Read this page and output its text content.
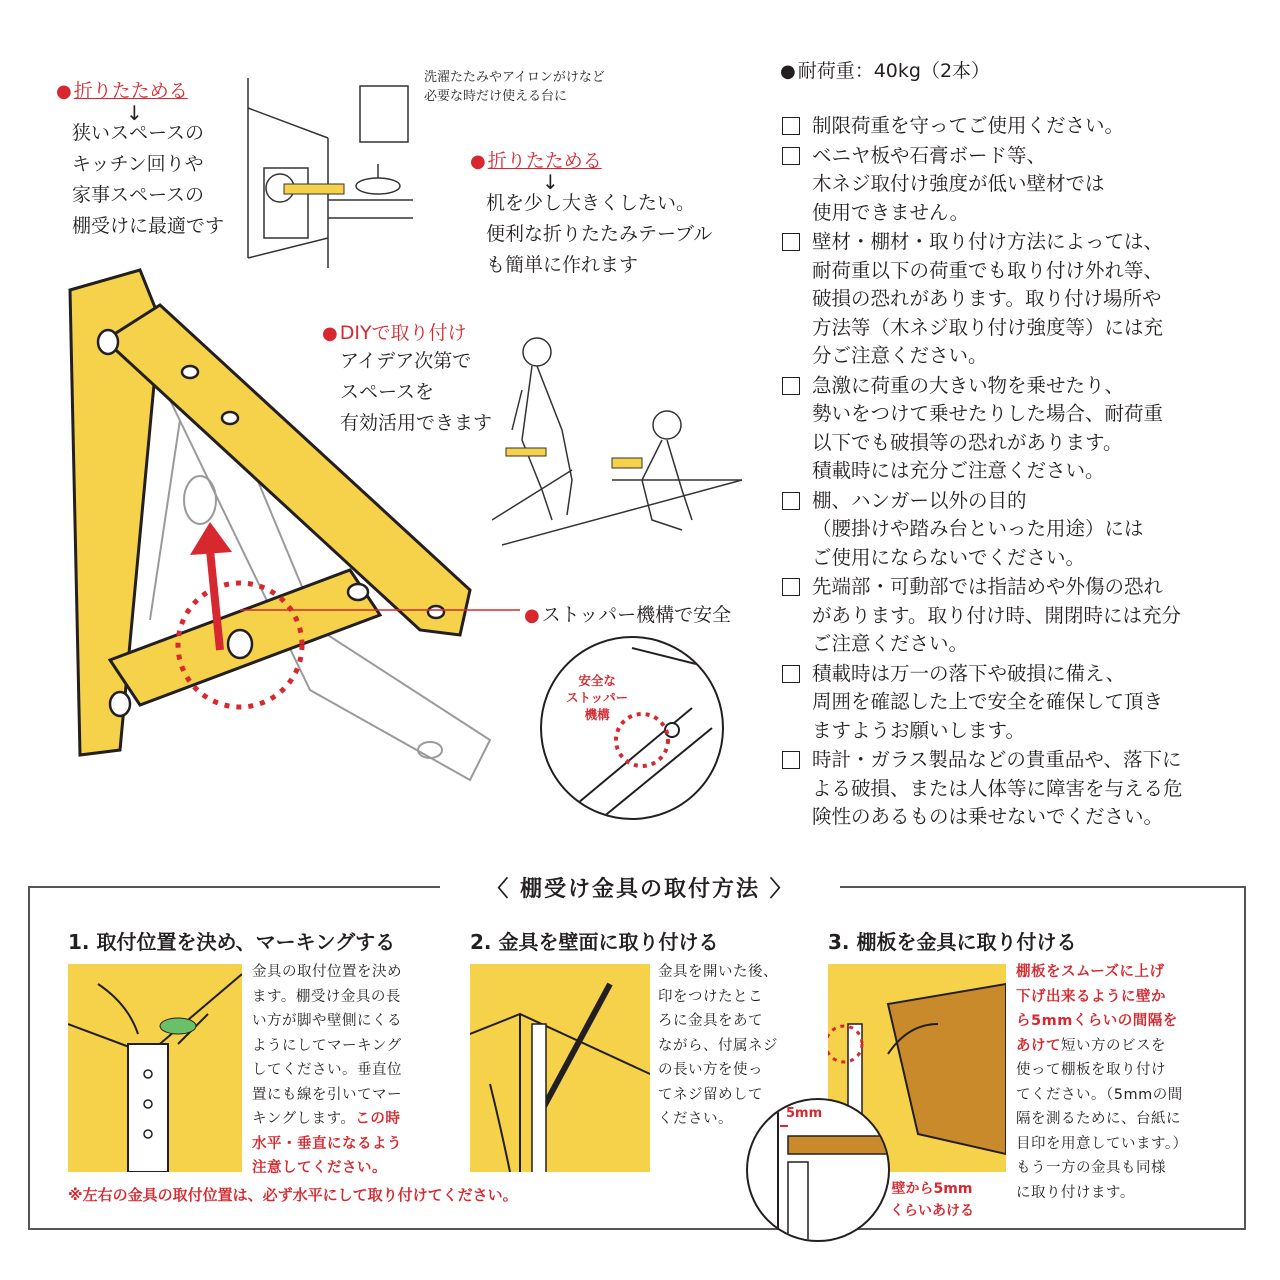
● 折りたためる
↓
狭いスペースの
キッチン回りや
家事スペースの
棚受けに最適です
洗濯たたみやアイロンがけなど
必要な時だけ使える台に
● 折りたためる
↓
机を少し大きくしたい。
便利な折りたたみテーブル
も簡単に作れます
● DIYで取り付け
アイデア次第で
スペースを
有効活用できます
● ストッパー機構で安全
安全な
ストッパー
機構
● 耐荷重：40kg（2本）
制限荷重を守ってご使用ください。
ベニヤ板や石膏ボード等、
木ネジ取付け強度が低い壁材では
使用できません。
壁材・棚材・取り付け方法によっては、
耐荷重以下の荷重でも取り付け外れ等、
破損の恐れがあります。取り付け場所や
方法等（木ネジ取り付け強度等）には充
分ご注意ください。
急激に荷重の大きい物を乗せたり、
勢いをつけて乗せたりした場合、耐荷重
以下でも破損等の恐れがあります。
積載時には充分ご注意ください。
棚、ハンガー以外の目的
（腰掛けや踏み台といった用途）には
ご使用にならないでください。
先端部・可動部では指詰めや外傷の恐れ
があります。取り付け時、開閉時には充分
ご注意ください。
積載時は万一の落下や破損に備え、
周囲を確認した上で安全を確保して頂き
ますようお願いします。
時計・ガラス製品などの貴重品や、落下に
よる破損、または人体等に障害を与える危
険性のあるものは乗せないでください。
〈 棚受け金具の取付方法 〉
1. 取付位置を決め、マーキングする
金具の取付位置を決め
ます。棚受け金具の長
い方が脚や壁側にくる
ようにしてマーキング
してください。垂直位
置にも線を引いてマー
キングします。この時
水平・垂直になるよう
注意してください。
2. 金具を壁面に取り付ける
金具を開いた後、
印をつけたとこ
ろに金具をあて
ながら、付属ネジ
の長い方を使っ
てネジ留めして
ください。
3. 棚板を金具に取り付ける
5mm
壁から5mm
くらいあける
棚板をスムーズに上げ
下げ出来るように壁か
ら5mmくらいの間隔を
あけて短い方のビスを
使って棚板を取り付け
てください。（5mmの間
隔を測るために、台紙に
目印を用意しています。）
もう一方の金具も同様
に取り付けます。
※左右の金具の取付位置は、必ず水平にして取り付けてください。
